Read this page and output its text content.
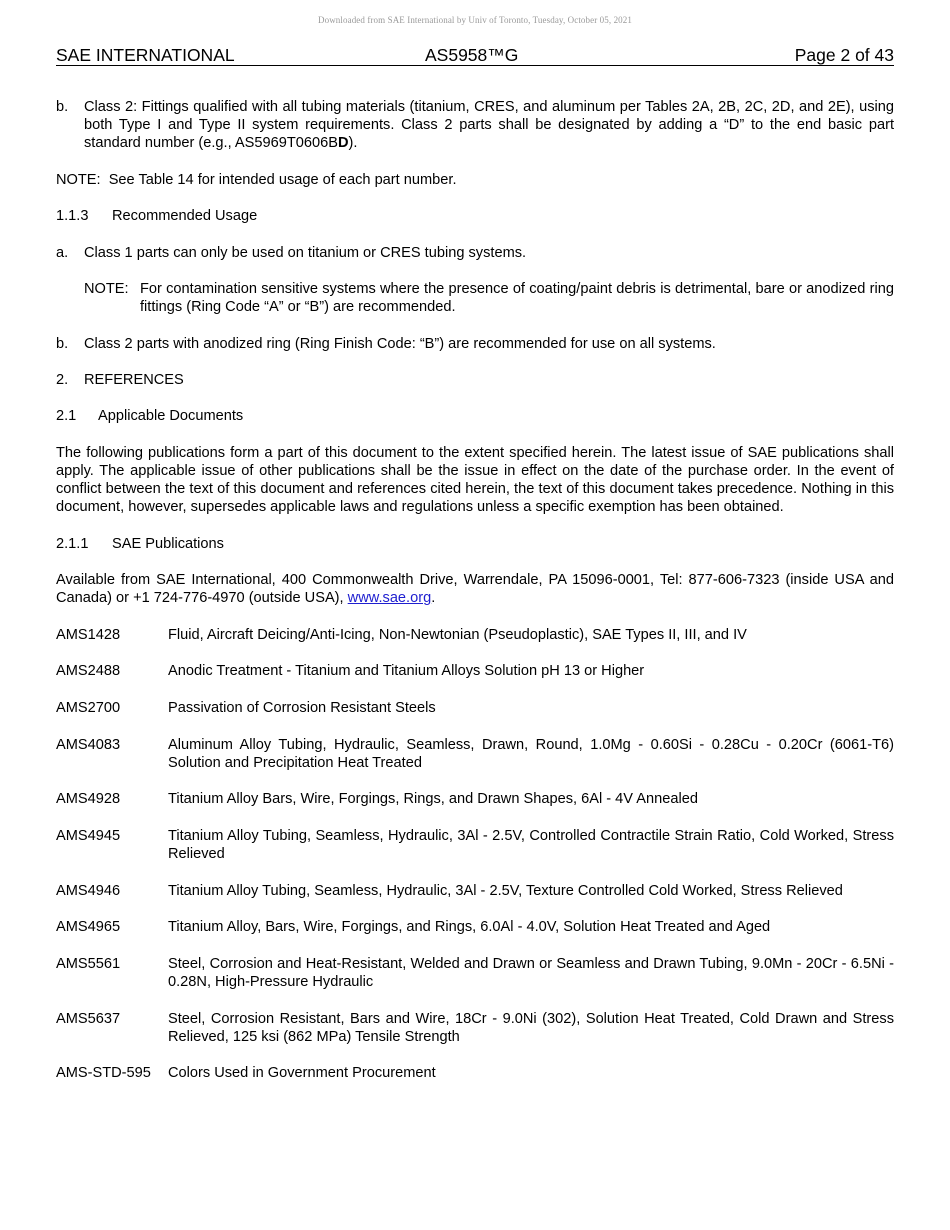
Downloaded from SAE International by Univ of Toronto, Tuesday, October 05, 2021
SAE INTERNATIONAL	AS5958™G	Page 2 of 43
b. Class 2: Fittings qualified with all tubing materials (titanium, CRES, and aluminum per Tables 2A, 2B, 2C, 2D, and 2E), using both Type I and Type II system requirements. Class 2 parts shall be designated by adding a “D” to the end basic part standard number (e.g., AS5969T0606BD).
NOTE:  See Table 14 for intended usage of each part number.
1.1.3 Recommended Usage
a. Class 1 parts can only be used on titanium or CRES tubing systems.
NOTE: For contamination sensitive systems where the presence of coating/paint debris is detrimental, bare or anodized ring fittings (Ring Code “A” or “B”) are recommended.
b. Class 2 parts with anodized ring (Ring Finish Code: “B”) are recommended for use on all systems.
2. REFERENCES
2.1 Applicable Documents
The following publications form a part of this document to the extent specified herein. The latest issue of SAE publications shall apply. The applicable issue of other publications shall be the issue in effect on the date of the purchase order. In the event of conflict between the text of this document and references cited herein, the text of this document takes precedence. Nothing in this document, however, supersedes applicable laws and regulations unless a specific exemption has been obtained.
2.1.1 SAE Publications
Available from SAE International, 400 Commonwealth Drive, Warrendale, PA 15096-0001, Tel: 877-606-7323 (inside USA and Canada) or +1 724-776-4970 (outside USA), www.sae.org.
AMS1428	Fluid, Aircraft Deicing/Anti-Icing, Non-Newtonian (Pseudoplastic), SAE Types II, III, and IV
AMS2488	Anodic Treatment - Titanium and Titanium Alloys Solution pH 13 or Higher
AMS2700	Passivation of Corrosion Resistant Steels
AMS4083	Aluminum Alloy Tubing, Hydraulic, Seamless, Drawn, Round, 1.0Mg - 0.60Si - 0.28Cu - 0.20Cr (6061-T6) Solution and Precipitation Heat Treated
AMS4928	Titanium Alloy Bars, Wire, Forgings, Rings, and Drawn Shapes, 6Al - 4V Annealed
AMS4945	Titanium Alloy Tubing, Seamless, Hydraulic, 3Al - 2.5V, Controlled Contractile Strain Ratio, Cold Worked, Stress Relieved
AMS4946	Titanium Alloy Tubing, Seamless, Hydraulic, 3Al - 2.5V, Texture Controlled Cold Worked, Stress Relieved
AMS4965	Titanium Alloy, Bars, Wire, Forgings, and Rings, 6.0Al - 4.0V, Solution Heat Treated and Aged
AMS5561	Steel, Corrosion and Heat-Resistant, Welded and Drawn or Seamless and Drawn Tubing, 9.0Mn - 20Cr - 6.5Ni - 0.28N, High-Pressure Hydraulic
AMS5637	Steel, Corrosion Resistant, Bars and Wire, 18Cr - 9.0Ni (302), Solution Heat Treated, Cold Drawn and Stress Relieved, 125 ksi (862 MPa) Tensile Strength
AMS-STD-595 Colors Used in Government Procurement
